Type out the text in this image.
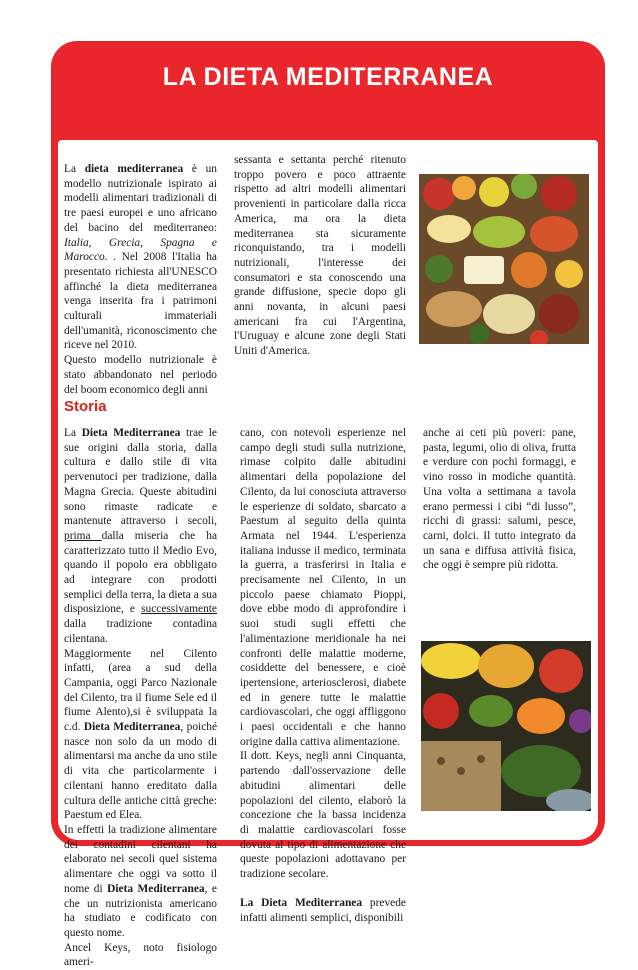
LA DIETA MEDITERRANEA

La dieta mediterranea è un modello nutrizionale ispirato ai modelli alimentari tradizionali di tre paesi europei e uno africano del bacino del mediterraneo: Italia, Grecia, Spagna e Marocco. . Nel 2008 l'Italia ha presentato richiesta all'UNESCO affinché la dieta mediterranea venga inserita fra i patrimoni culturali immateriali dell'umanità, riconoscimento che riceve nel 2010.

Questo modello nutrizionale è stato abbandonato nel periodo del boom economico degli anni

sessanta e settanta perché ritenuto troppo povero e poco attraente rispetto ad altri modelli alimentari provenienti in particolare dalla ricca America, ma ora la dieta mediterranea sta sicuramente riconquistando, tra i modelli nutrizionali, l'interesse dei consumatori e sta conoscendo una grande diffusione, specie dopo gli anni novanta, in alcuni paesi americani fra cui l'Argentina, l'Uruguay e alcune zone degli Stati Uniti d'America.

Storia

La Dieta Mediterranea trae le sue origini dalla storia, dalla cultura e dallo stile di vita pervenutoci per tradizione, dalla Magna Grecia. Queste abitudini sono rimaste radicate e mantenute attraverso i secoli, prima dalla miseria che ha caratterizzato tutto il Medio Evo, quando il popolo era obbligato ad integrare con prodotti semplici della terra, la dieta a sua disposizione, e successivamente dalla tradizione contadina cilentana.

Maggiormente nel Cilento infatti, (area a sud della Campania, oggi Parco Nazionale del Cilento, tra il fiume Sele ed il fiume Alento),si è sviluppata la c.d. Dieta Mediterranea, poiché nasce non solo da un modo di alimentarsi ma anche da uno stile di vita che particolarmente i cilentani hanno ereditato dalla cultura delle antiche città greche: Paestum ed Elea.

In effetti la tradizione alimentare dei contadini cilentani ha elaborato nei secoli quel sistema alimentare che oggi va sotto il nome di Dieta Mediterranea, e che un nutrizionista americano ha studiato e codificato con questo nome.

Ancel Keys, noto fisiologo ameri-

cano, con notevoli esperienze nel campo degli studi sulla nutrizione, rimase colpito dalle abitudini alimentari della popolazione del Cilento, da lui conosciuta attraverso le esperienze di soldato, sbarcato a Paestum al seguito della quinta Armata nel 1944. L'esperienza italiana indusse il medico, terminata la guerra, a trasferirsi in Italia e precisamente nel Cilento, in un piccolo paese chiamato Pioppi, dove ebbe modo di approfondire i suoi studi sugli effetti che l'alimentazione meridionale ha nei confronti delle malattie moderne, cosiddette del benessere, e cioè ipertensione, arteriosclerosi, diabete ed in genere tutte le malattie cardiovascolari, che oggi affliggono i paesi occidentali e che hanno origine dalla cattiva alimentazione.

Il dott. Keys, negli anni Cinquanta, partendo dall'osservazione delle abitudini alimentari delle popolazioni del cilento, elaborò la concezione che la bassa incidenza di malattie cardiovascolari fosse dovuta al tipo di alimentazione che queste popolazioni adottavano per tradizione secolare.

La Dieta Mediterranea prevede infatti alimenti semplici, disponibili

anche ai ceti più poveri: pane, pasta, legumi, olio di oliva, frutta e verdure con pochi formaggi, e vino rosso in modiche quantità. Una volta a settimana a tavola erano permessi i cibi “di lusso”, ricchi di grassi: salumi, pesce, carni, dolci. Il tutto integrato da un sana e diffusa attività fisica, che oggi è sempre più ridotta.
